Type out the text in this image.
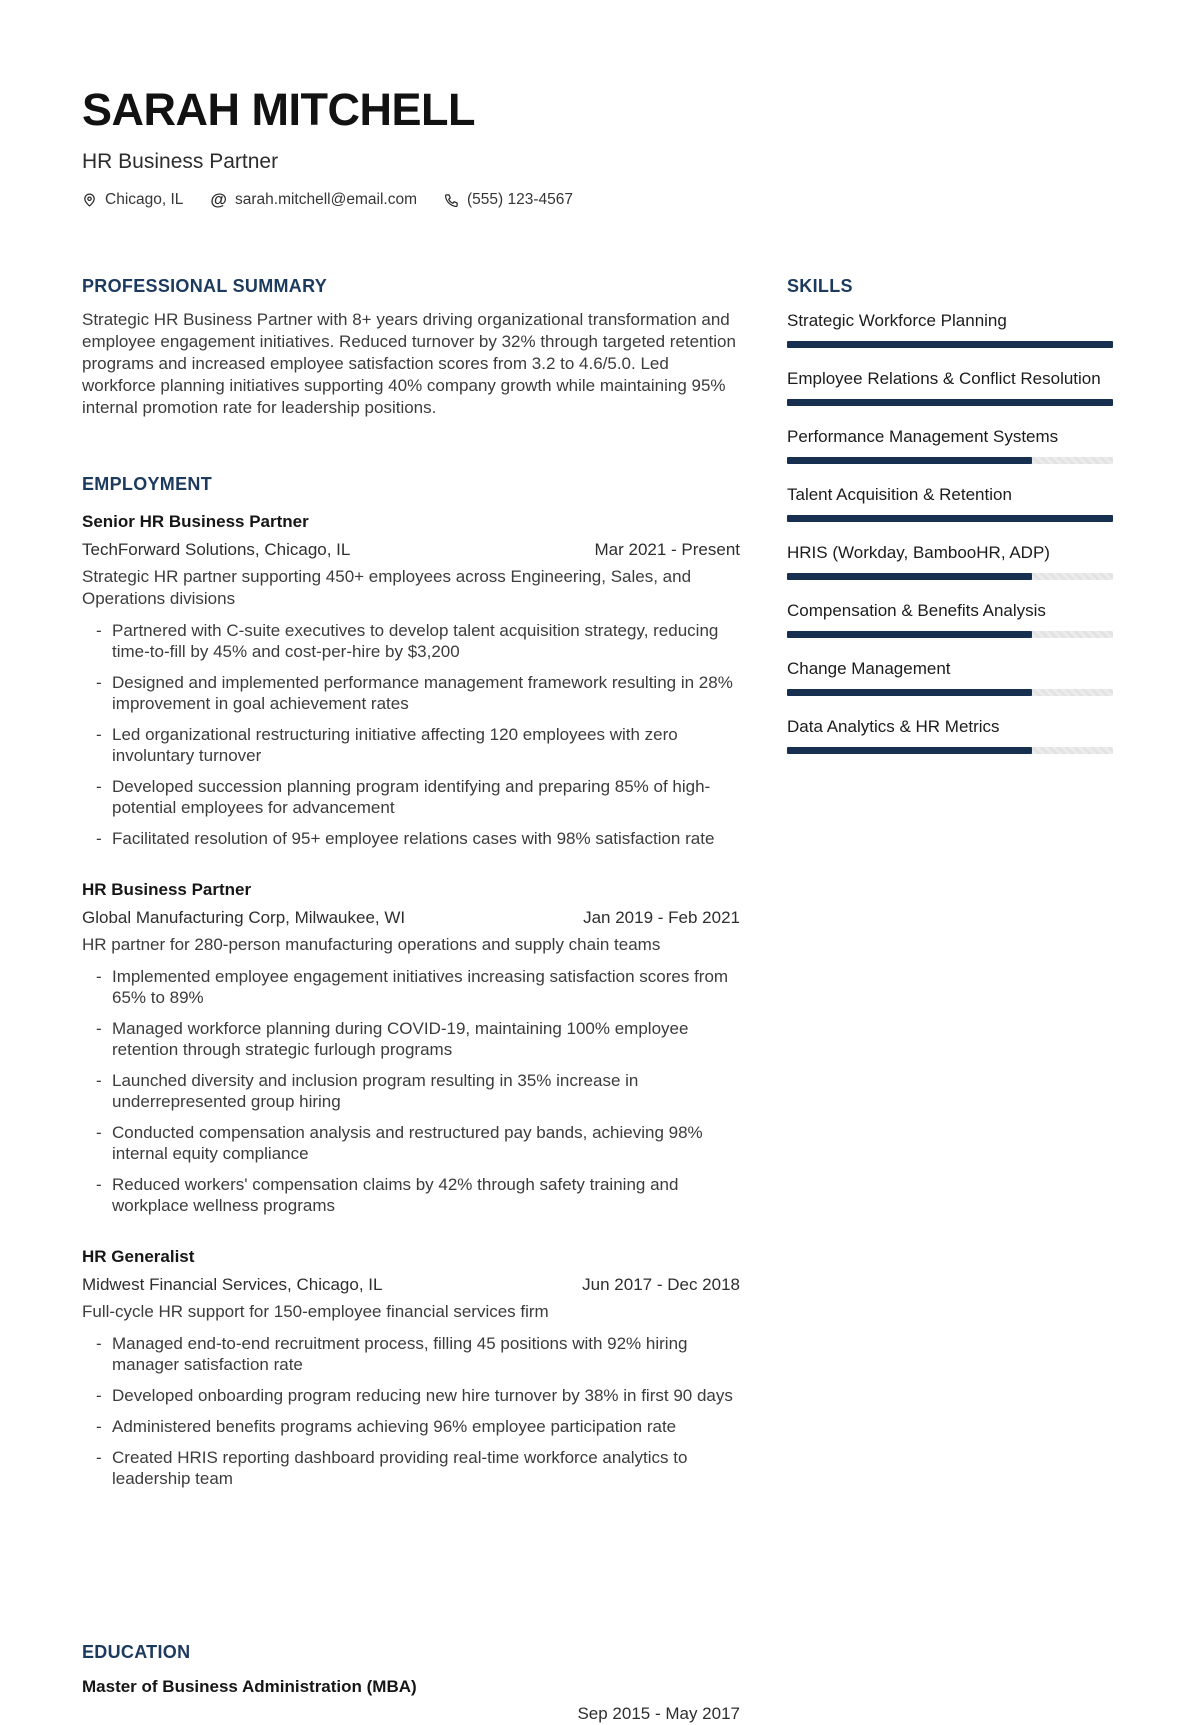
SARAH MITCHELL
HR Business Partner
Chicago, IL @ sarah.mitchell@email.com	(555) 123-4567
PROFESSIONAL SUMMARY
Strategic HR Business Partner with 8+ years driving organizational transformation and employee engagement initiatives. Reduced turnover by 32% through targeted retention programs and increased employee satisfaction scores from 3.2 to 4.6/5.0. Led workforce planning initiatives supporting 40% company growth while maintaining 95% internal promotion rate for leadership positions.
EMPLOYMENT
Senior HR Business Partner
TechForward Solutions, Chicago, IL	Mar 2021 - Present
Strategic HR partner supporting 450+ employees across Engineering, Sales, and Operations divisions
- Partnered with C-suite executives to develop talent acquisition strategy, reducing time-to-fill by 45% and cost-per-hire by $3,200
- Designed and implemented performance management framework resulting in 28% improvement in goal achievement rates
- Led organizational restructuring initiative affecting 120 employees with zero involuntary turnover
- Developed succession planning program identifying and preparing 85% of high-potential employees for advancement
- Facilitated resolution of 95+ employee relations cases with 98% satisfaction rate
HR Business Partner
Global Manufacturing Corp, Milwaukee, WI	Jan 2019 - Feb 2021
HR partner for 280-person manufacturing operations and supply chain teams
- Implemented employee engagement initiatives increasing satisfaction scores from 65% to 89%
- Managed workforce planning during COVID-19, maintaining 100% employee retention through strategic furlough programs
- Launched diversity and inclusion program resulting in 35% increase in underrepresented group hiring
- Conducted compensation analysis and restructured pay bands, achieving 98% internal equity compliance
- Reduced workers' compensation claims by 42% through safety training and workplace wellness programs
HR Generalist
Midwest Financial Services, Chicago, IL	Jun 2017 - Dec 2018
Full-cycle HR support for 150-employee financial services firm
- Managed end-to-end recruitment process, filling 45 positions with 92% hiring manager satisfaction rate
- Developed onboarding program reducing new hire turnover by 38% in first 90 days
- Administered benefits programs achieving 96% employee participation rate
- Created HRIS reporting dashboard providing real-time workforce analytics to leadership team
EDUCATION
Master of Business Administration (MBA)
Sep 2015 - May 2017
SKILLS
Strategic Workforce Planning
Employee Relations & Conflict Resolution
Performance Management Systems
Talent Acquisition & Retention
HRIS (Workday, BambooHR, ADP)
Compensation & Benefits Analysis
Change Management
Data Analytics & HR Metrics
